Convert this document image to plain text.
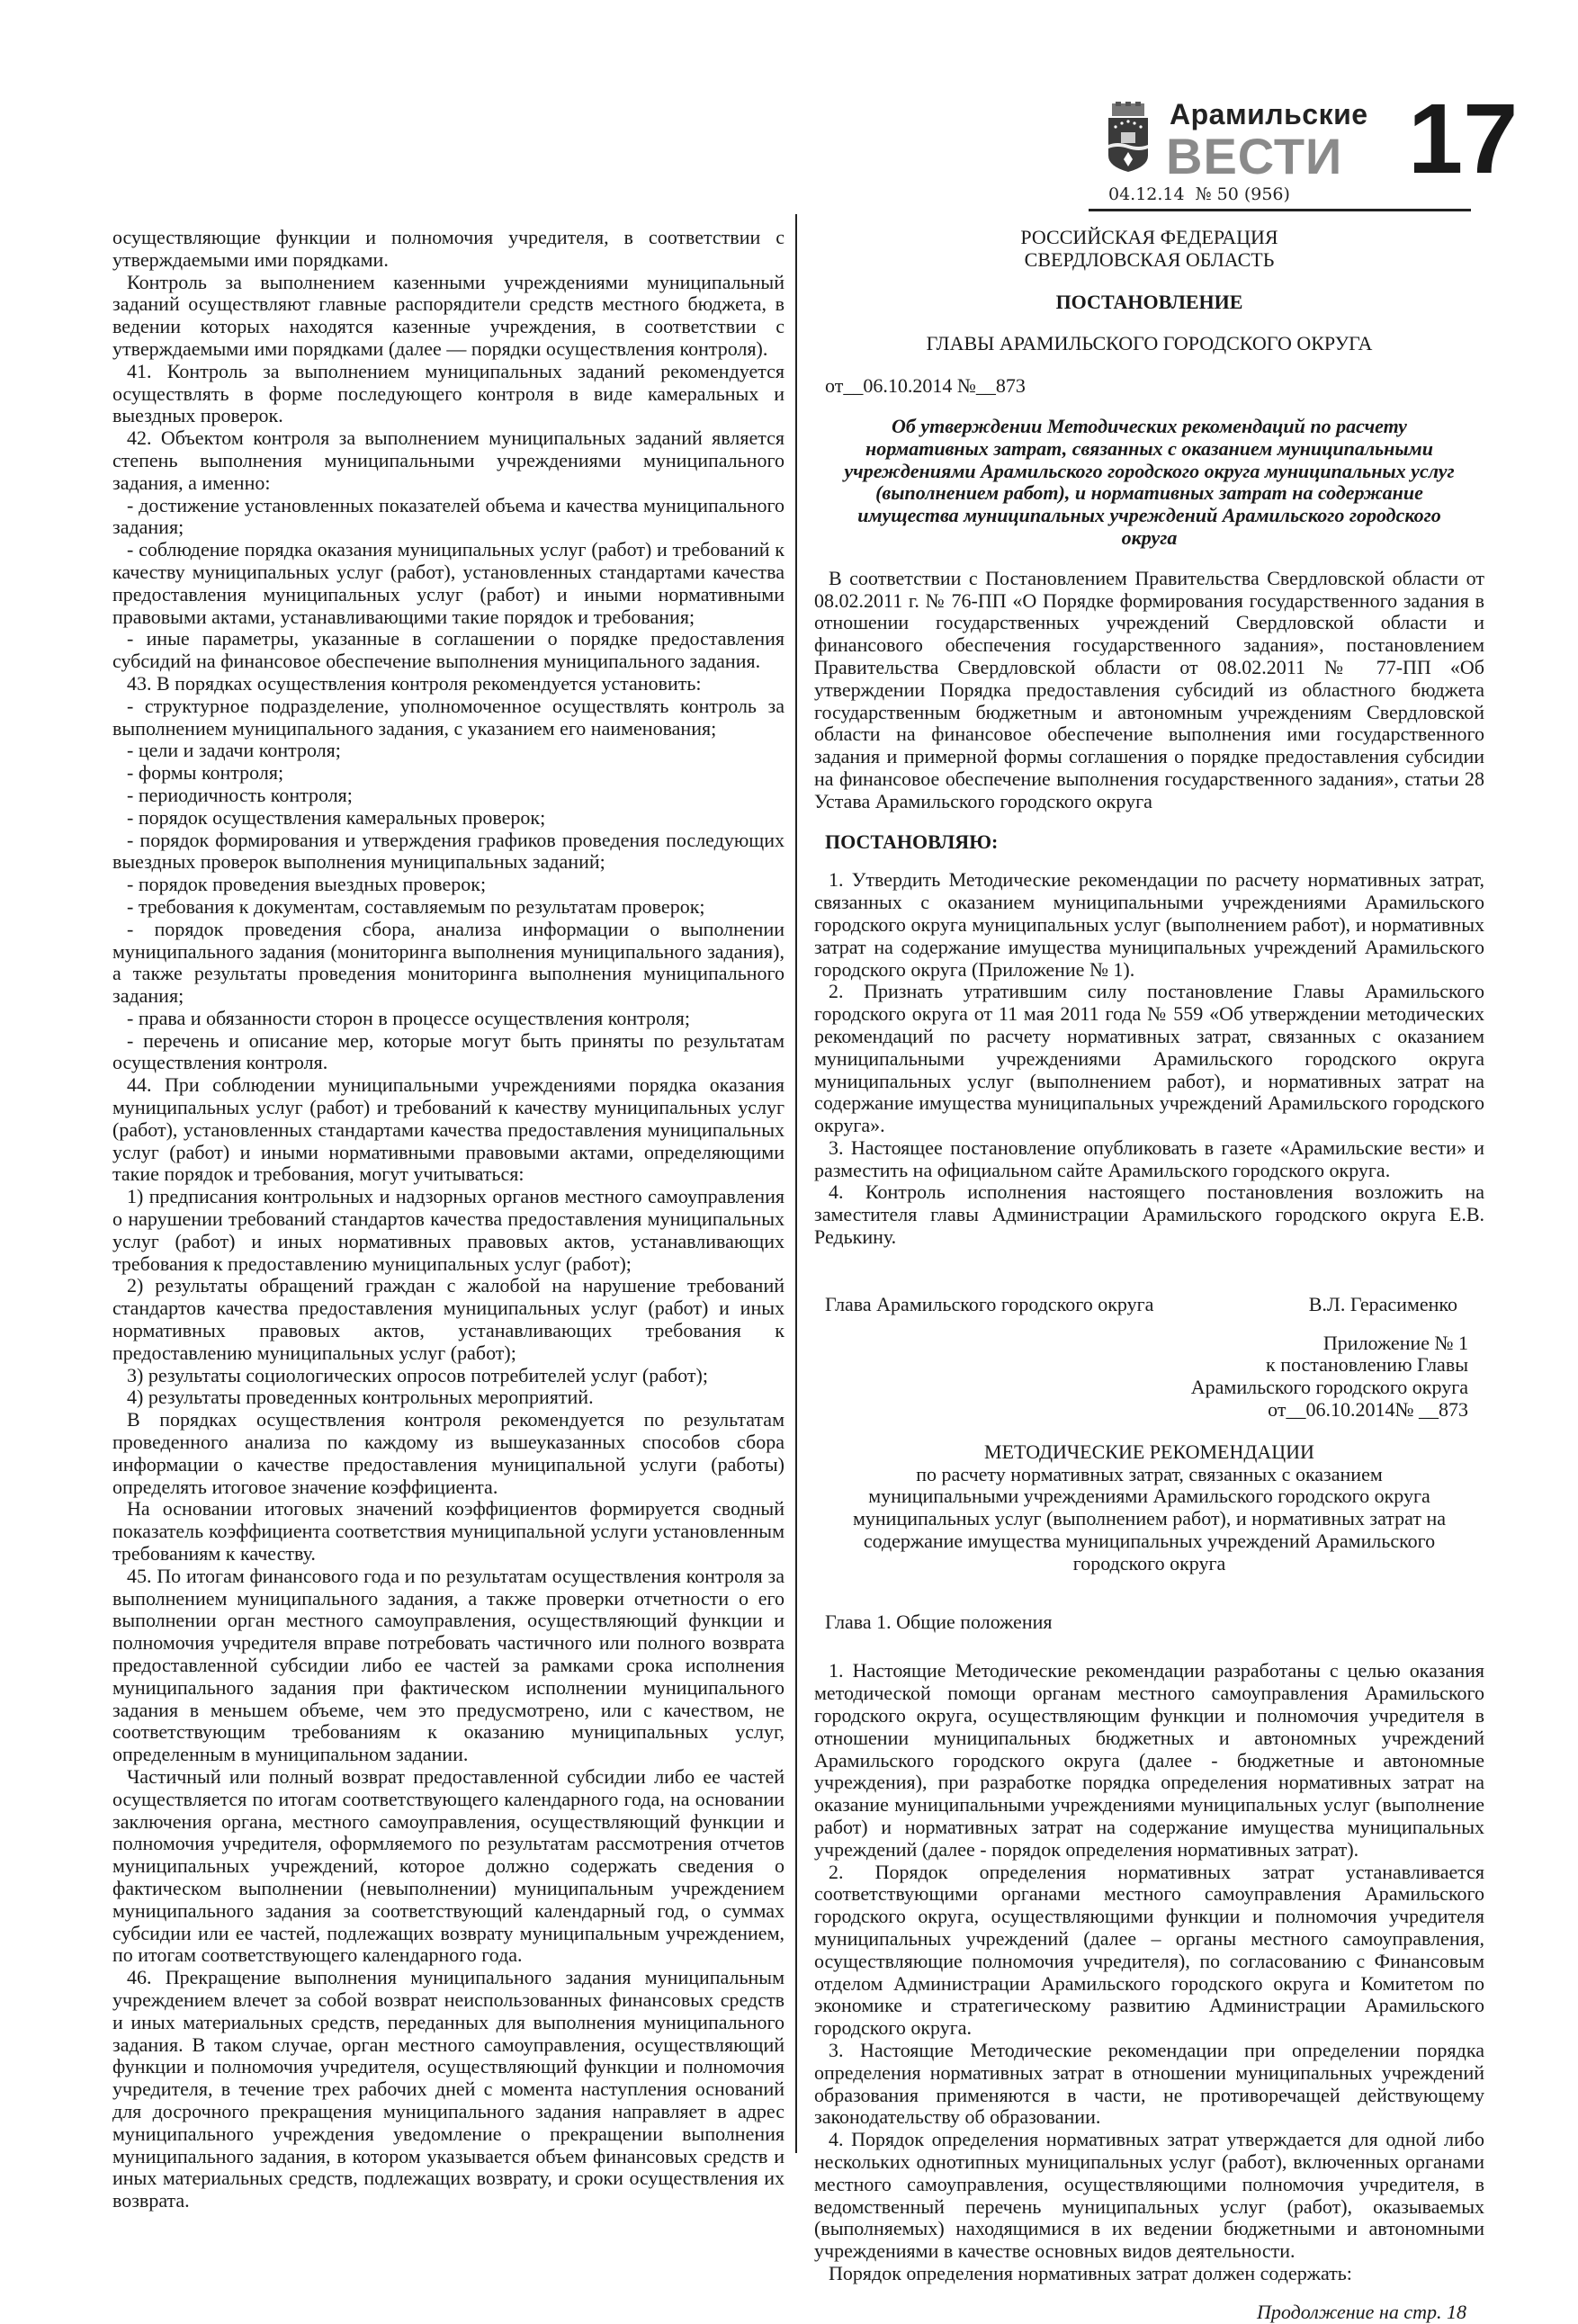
Арамильские
ВЕСТИ 17
04.12.14 № 50 (956)

осуществляющие функции и полномочия учредителя, в соответствии с утверждаемыми ими порядками.

Контроль за выполнением казенными учреждениями муниципальный заданий осуществляют главные распорядители средств местного бюджета, в ведении которых находятся казенные учреждения, в соответствии с утверждаемыми ими порядками (далее — порядки осуществления контроля).

41. Контроль за выполнением муниципальных заданий рекомендуется осуществлять в форме последующего контроля в виде камеральных и выездных проверок.

42. Объектом контроля за выполнением муниципальных заданий является степень выполнения муниципальными учреждениями муниципального задания, а именно:

- достижение установленных показателей объема и качества муниципального задания;

- соблюдение порядка оказания муниципальных услуг (работ) и требований к качеству муниципальных услуг (работ), установленных стандартами качества предоставления муниципальных услуг (работ) и иными нормативными правовыми актами, устанавливающими такие порядок и требования;

- иные параметры, указанные в соглашении о порядке предоставления субсидий на финансовое обеспечение выполнения муниципального задания.

43. В порядках осуществления контроля рекомендуется установить:

- структурное подразделение, уполномоченное осуществлять контроль за выполнением муниципального задания, с указанием его наименования;

- цели и задачи контроля;

- формы контроля;

- периодичность контроля;

- порядок осуществления камеральных проверок;

- порядок формирования и утверждения графиков проведения последующих выездных проверок выполнения муниципальных заданий;

- порядок проведения выездных проверок;

- требования к документам, составляемым по результатам проверок;

- порядок проведения сбора, анализа информации о выполнении муниципального задания (мониторинга выполнения муниципального задания), а также результаты проведения мониторинга выполнения муниципального задания;

- права и обязанности сторон в процессе осуществления контроля;

- перечень и описание мер, которые могут быть приняты по результатам осуществления контроля.

44. При соблюдении муниципальными учреждениями порядка оказания муниципальных услуг (работ) и требований к качеству муниципальных услуг (работ), установленных стандартами качества предоставления муниципальных услуг (работ) и иными нормативными правовыми актами, определяющими такие порядок и требования, могут учитываться:

1) предписания контрольных и надзорных органов местного самоуправления о нарушении требований стандартов качества предоставления муниципальных услуг (работ) и иных нормативных правовых актов, устанавливающих требования к предоставлению муниципальных услуг (работ);

2) результаты обращений граждан с жалобой на нарушение требований стандартов качества предоставления муниципальных услуг (работ) и иных нормативных правовых актов, устанавливающих требования к предоставлению муниципальных услуг (работ);

3) результаты социологических опросов потребителей услуг (работ);

4) результаты проведенных контрольных мероприятий.

В порядках осуществления контроля рекомендуется по результатам проведенного анализа по каждому из вышеуказанных способов сбора информации о качестве предоставления муниципальной услуги (работы) определять итоговое значение коэффициента.

На основании итоговых значений коэффициентов формируется сводный показатель коэффициента соответствия муниципальной услуги установленным требованиям к качеству.

45. По итогам финансового года и по результатам осуществления контроля за выполнением муниципального задания, а также проверки отчетности о его выполнении орган местного самоуправления, осуществляющий функции и полномочия учредителя вправе потребовать частичного или полного возврата предоставленной субсидии либо ее частей за рамками срока исполнения муниципального задания при фактическом исполнении муниципального задания в меньшем объеме, чем это предусмотрено, или с качеством, не соответствующим требованиям к оказанию муниципальных услуг, определенным в муниципальном задании.

Частичный или полный возврат предоставленной субсидии либо ее частей осуществляется по итогам соответствующего календарного года, на основании заключения органа, местного самоуправления, осуществляющий функции и полномочия учредителя, оформляемого по результатам рассмотрения отчетов муниципальных учреждений, которое должно содержать сведения о фактическом выполнении (невыполнении) муниципальным учреждением муниципального задания за соответствующий календарный год, о суммах субсидии или ее частей, подлежащих возврату муниципальным учреждением, по итогам соответствующего календарного года.

46. Прекращение выполнения муниципального задания муниципальным учреждением влечет за собой возврат неиспользованных финансовых средств и иных материальных средств, переданных для выполнения муниципального задания. В таком случае, орган местного самоуправления, осуществляющий функции и полномочия учредителя, осуществляющий функции и полномочия учредителя, в течение трех рабочих дней с момента наступления оснований для досрочного прекращения муниципального задания направляет в адрес муниципального учреждения уведомление о прекращении выполнения муниципального задания, в котором указывается объем финансовых средств и иных материальных средств, подлежащих возврату, и сроки осуществления их возврата.

РОССИЙСКАЯ ФЕДЕРАЦИЯ
СВЕРДЛОВСКАЯ ОБЛАСТЬ
ПОСТАНОВЛЕНИЕ
ГЛАВЫ АРАМИЛЬСКОГО ГОРОДСКОГО ОКРУГА
от__06.10.2014 №__873
Об утверждении Методических рекомендаций по расчету нормативных затрат, связанных с оказанием муниципальными учреждениями Арамильского городского округа муниципальных услуг (выполнением работ), и нормативных затрат на содержание имущества муниципальных учреждений Арамильского городского округа

В соответствии с Постановлением Правительства Свердловской области от 08.02.2011 г. № 76-ПП «О Порядке формирования государственного задания в отношении государственных учреждений Свердловской области и финансового обеспечения государственного задания», постановлением Правительства Свердловской области от 08.02.2011 № 77-ПП «Об утверждении Порядка предоставления субсидий из областного бюджета государственным бюджетным и автономным учреждениям Свердловской области на финансовое обеспечение выполнения ими государственного задания и примерной формы соглашения о порядке предоставления субсидии на финансовое обеспечение выполнения государственного задания», статьи 28 Устава Арамильского городского округа

ПОСТАНОВЛЯЮ:

1. Утвердить Методические рекомендации по расчету нормативных затрат, связанных с оказанием муниципальными учреждениями Арамильского городского округа муниципальных услуг (выполнением работ), и нормативных затрат на содержание имущества муниципальных учреждений Арамильского городского округа (Приложение № 1).

2. Признать утратившим силу постановление Главы Арамильского городского округа от 11 мая 2011 года № 559 «Об утверждении методических рекомендаций по расчету нормативных затрат, связанных с оказанием муниципальными учреждениями Арамильского городского округа муниципальных услуг (выполнением работ), и нормативных затрат на содержание имущества муниципальных учреждений Арамильского городского округа».

3. Настоящее постановление опубликовать в газете «Арамильские вести» и разместить на официальном сайте Арамильского городского округа.

4. Контроль исполнения настоящего постановления возложить на заместителя главы Администрации Арамильского городского округа Е.В. Редькину.

Глава Арамильского городского округа	В.Л. Герасименко
Приложение № 1
к постановлению Главы
Арамильского городского округа
от__06.10.2014№ __873
МЕТОДИЧЕСКИЕ РЕКОМЕНДАЦИИ
по расчету нормативных затрат, связанных с оказанием муниципальными учреждениями Арамильского городского округа муниципальных услуг (выполнением работ), и нормативных затрат на содержание имущества муниципальных учреждений Арамильского городского округа
Глава 1. Общие положения

1. Настоящие Методические рекомендации разработаны с целью оказания методической помощи органам местного самоуправления Арамильского городского округа, осуществляющим функции и полномочия учредителя в отношении муниципальных бюджетных и автономных учреждений Арамильского городского округа (далее - бюджетные и автономные учреждения), при разработке порядка определения нормативных затрат на оказание муниципальными учреждениями муниципальных услуг (выполнение работ) и нормативных затрат на содержание имущества муниципальных учреждений (далее - порядок определения нормативных затрат).

2. Порядок определения нормативных затрат устанавливается соответствующими органами местного самоуправления Арамильского городского округа, осуществляющими функции и полномочия учредителя муниципальных учреждений (далее – органы местного самоуправления, осуществляющие полномочия учредителя), по согласованию с Финансовым отделом Администрации Арамильского городского округа и Комитетом по экономике и стратегическому развитию Администрации Арамильского городского округа.

3. Настоящие Методические рекомендации при определении порядка определения нормативных затрат в отношении муниципальных учреждений образования применяются в части, не противоречащей действующему законодательству об образовании.

4. Порядок определения нормативных затрат утверждается для одной либо нескольких однотипных муниципальных услуг (работ), включенных органами местного самоуправления, осуществляющими полномочия учредителя, в ведомственный перечень муниципальных услуг (работ), оказываемых (выполняемых) находящимися в их ведении бюджетными и автономными учреждениями в качестве основных видов деятельности.

Порядок определения нормативных затрат должен содержать:

Продолжение на стр. 18
